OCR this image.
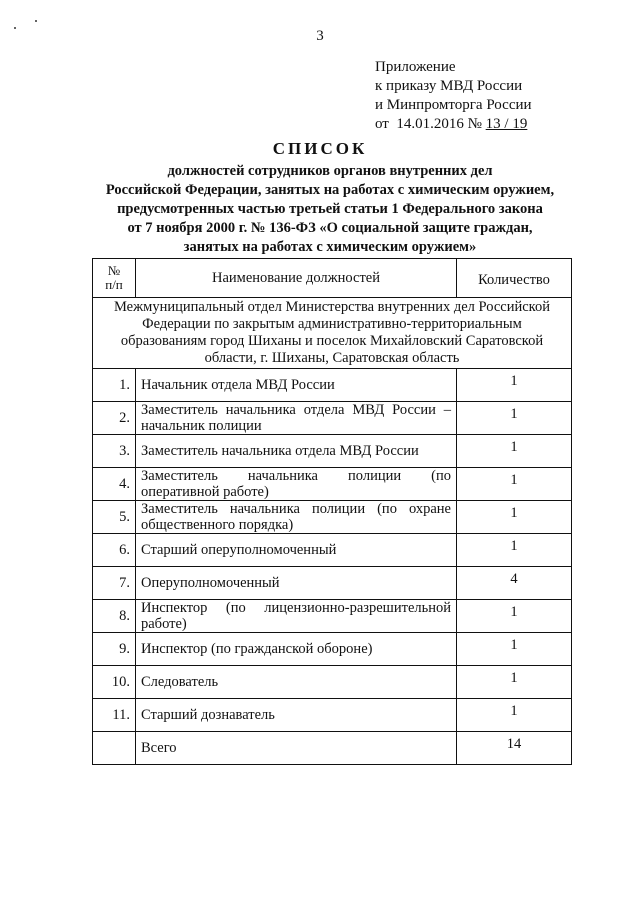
3
Приложение
к приказу МВД России
и Минпромторга России
от  14.01.2016 № 13 / 19
СПИСОК
должностей сотрудников органов внутренних дел
Российской Федерации, занятых на работах с химическим оружием,
предусмотренных частью третьей статьи 1 Федерального закона
от 7 ноября 2000 г. № 136-ФЗ «О социальной защите граждан,
занятых на работах с химическим оружием»
№
п/п	Наименование должностей	Количество
Межмуниципальный отдел Министерства внутренних дел Российской Федерации по закрытым административно-территориальным образованиям город Шиханы и поселок Михайловский Саратовской области, г. Шиханы, Саратовская область		
1.	Начальник отдела МВД России	1
2.	Заместитель начальника отдела МВД России – начальник полиции	1
3.	Заместитель начальника отдела МВД России	1
4.	Заместитель начальника полиции (по оперативной работе)	1
5.	Заместитель начальника полиции (по охране общественного порядка)	1
6.	Старший оперуполномоченный	1
7.	Оперуполномоченный	4
8.	Инспектор (по лицензионно-разрешительной работе)	1
9.	Инспектор (по гражданской обороне)	1
10.	Следователь	1
11.	Старший дознаватель	1
	Всего	14
